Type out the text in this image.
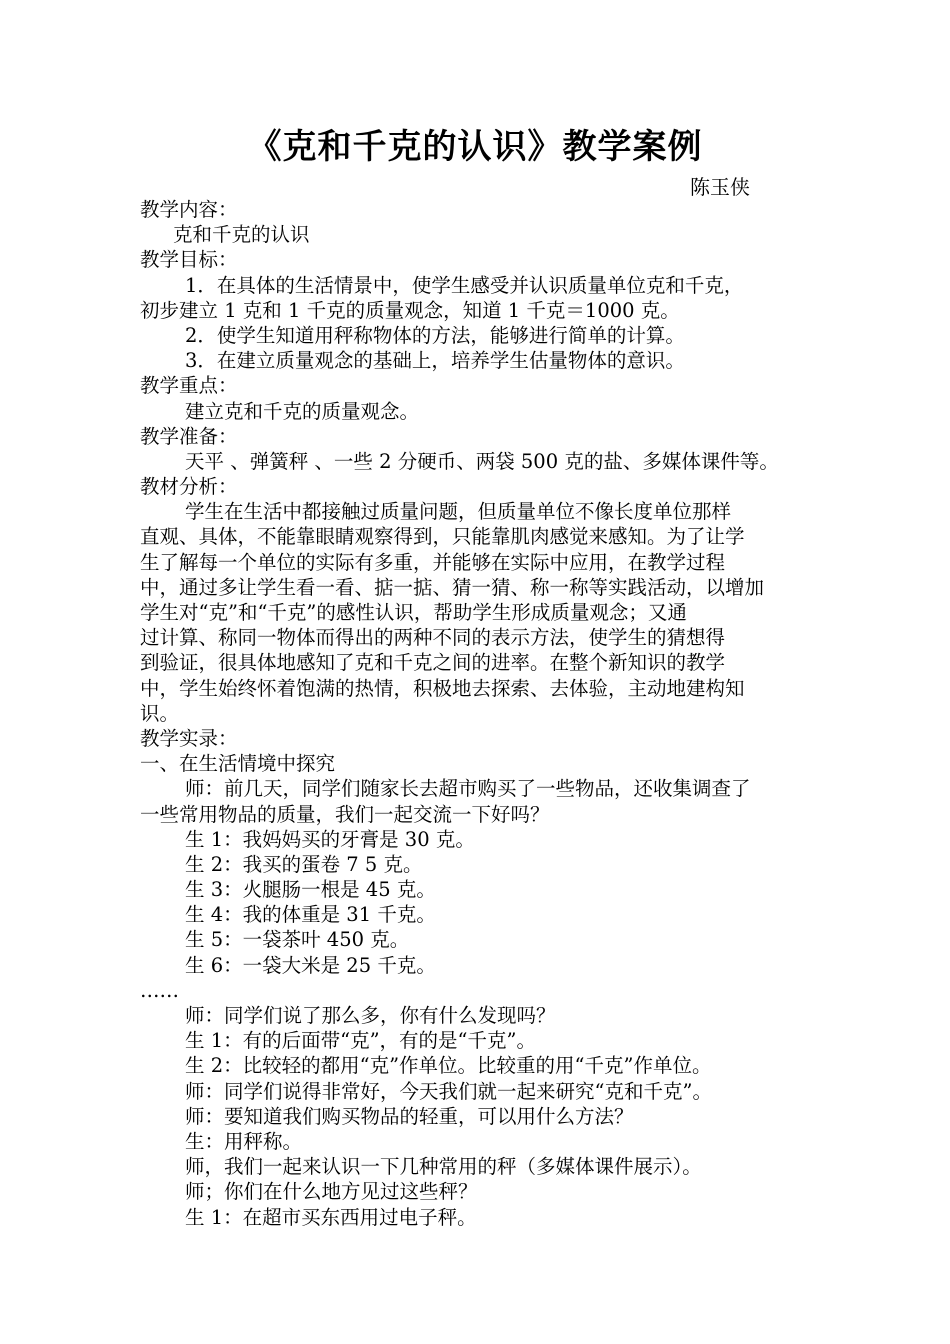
《克和千克的认识》教学案例

陈玉侠

教学内容：

克和千克的认识

教学目标：

1．在具体的生活情景中，使学生感受并认识质量单位克和千克，

初步建立 1 克和 1 千克的质量观念，知道 1 千克＝1000 克。

2．使学生知道用秤称物体的方法，能够进行简单的计算。

3．在建立质量观念的基础上，培养学生估量物体的意识。

教学重点：

建立克和千克的质量观念。

教学准备：

天平 、弹簧秤 、一些 2 分硬币、两袋 500 克的盐、多媒体课件等。

教材分析：

学生在生活中都接触过质量问题，但质量单位不像长度单位那样

直观、具体，不能靠眼睛观察得到，只能靠肌肉感觉来感知。为了让学

生了解每一个单位的实际有多重，并能够在实际中应用，在教学过程

中，通过多让学生看一看、掂一掂、猜一猜、称一称等实践活动，以增加

学生对“克”和“千克”的感性认识，帮助学生形成质量观念；又通

过计算、称同一物体而得出的两种不同的表示方法，使学生的猜想得

到验证，很具体地感知了克和千克之间的进率。在整个新知识的教学

中，学生始终怀着饱满的热情，积极地去探索、去体验，主动地建构知

识。

教学实录：

一、在生活情境中探究

师：前几天，同学们随家长去超市购买了一些物品，还收集调查了

一些常用物品的质量，我们一起交流一下好吗？

生 1：我妈妈买的牙膏是 30 克。

生 2：我买的蛋卷 7 5 克。

生 3：火腿肠一根是 45 克。

生 4：我的体重是 31 千克。

生 5：一袋茶叶 450 克。

生 6：一袋大米是 25 千克。

……

师：同学们说了那么多，你有什么发现吗？

生 1：有的后面带“克”，有的是“千克”。

生 2：比较轻的都用“克”作单位。比较重的用“千克”作单位。

师：同学们说得非常好，今天我们就一起来研究“克和千克”。

师：要知道我们购买物品的轻重，可以用什么方法？

生：用秤称。

师，我们一起来认识一下几种常用的秤（多媒体课件展示）。

师；你们在什么地方见过这些秤？

生 1：在超市买东西用过电子秤。
